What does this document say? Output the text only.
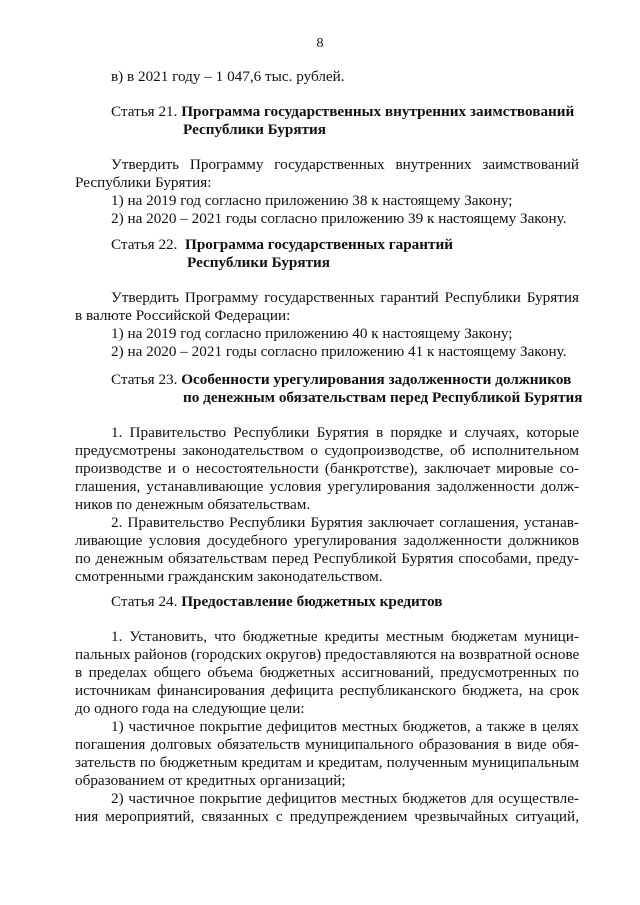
8
в) в 2021 году – 1 047,6 тыс. рублей.
Статья 21. Программа государственных внутренних заимствований
Республики Бурятия
Утвердить Программу государственных внутренних заимствований
Республики Бурятия:
1) на 2019 год согласно приложению 38 к настоящему Закону;
2) на 2020 – 2021 годы согласно приложению 39 к настоящему Закону.
Статья 22. Программа государственных гарантий
Республики Бурятия
Утвердить Программу государственных гарантий Республики Бурятия
в валюте Российской Федерации:
1) на 2019 год согласно приложению 40 к настоящему Закону;
2) на 2020 – 2021 годы согласно приложению 41 к настоящему Закону.
Статья 23. Особенности урегулирования задолженности должников
по денежным обязательствам перед Республикой Бурятия
1. Правительство Республики Бурятия в порядке и случаях, которые
предусмотрены законодательством о судопроизводстве, об исполнительном
производстве и о несостоятельности (банкротстве), заключает мировые со-
глашения, устанавливающие условия урегулирования задолженности долж-
ников по денежным обязательствам.
2. Правительство Республики Бурятия заключает соглашения, устанав-
ливающие условия досудебного урегулирования задолженности должников
по денежным обязательствам перед Республикой Бурятия способами, преду-
смотренными гражданским законодательством.
Статья 24. Предоставление бюджетных кредитов
1. Установить, что бюджетные кредиты местным бюджетам муници-
пальных районов (городских округов) предоставляются на возвратной основе
в пределах общего объема бюджетных ассигнований, предусмотренных по
источникам финансирования дефицита республиканского бюджета, на срок
до одного года на следующие цели:
1) частичное покрытие дефицитов местных бюджетов, а также в целях
погашения долговых обязательств муниципального образования в виде обя-
зательств по бюджетным кредитам и кредитам, полученным муниципальным
образованием от кредитных организаций;
2) частичное покрытие дефицитов местных бюджетов для осуществле-
ния мероприятий, связанных с предупреждением чрезвычайных ситуаций,
